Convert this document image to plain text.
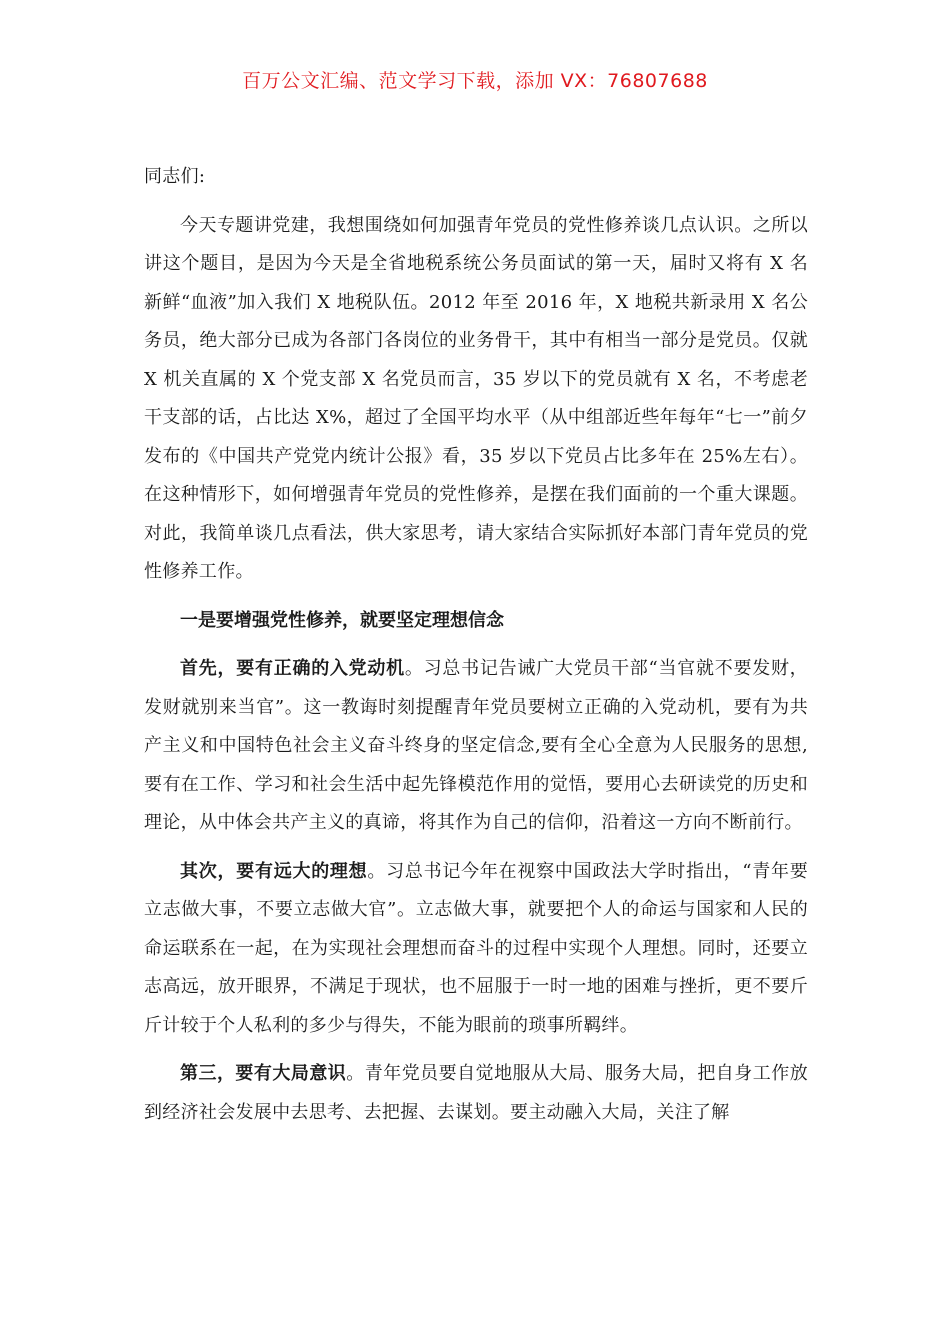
百万公文汇编、范文学习下载，添加 VX：76807688

同志们:

今天专题讲党建，我想围绕如何加强青年党员的党性修养谈几点认识。之所以讲这个题目，是因为今天是全省地税系统公务员面试的第一天，届时又将有 X 名新鲜“血液”加入我们 X 地税队伍。2012 年至 2016 年，X 地税共新录用 X 名公务员，绝大部分已成为各部门各岗位的业务骨干，其中有相当一部分是党员。仅就 X 机关直属的 X 个党支部 X 名党员而言，35 岁以下的党员就有 X 名，不考虑老干支部的话，占比达 X%，超过了全国平均水平（从中组部近些年每年“七一”前夕发布的《中国共产党党内统计公报》看，35 岁以下党员占比多年在 25%左右）。在这种情形下，如何增强青年党员的党性修养，是摆在我们面前的一个重大课题。对此，我简单谈几点看法，供大家思考，请大家结合实际抓好本部门青年党员的党性修养工作。

一是要增强党性修养，就要坚定理想信念

首先，要有正确的入党动机。习总书记告诫广大党员干部“当官就不要发财，发财就别来当官”。这一教诲时刻提醒青年党员要树立正确的入党动机，要有为共产主义和中国特色社会主义奋斗终身的坚定信念,要有全心全意为人民服务的思想,要有在工作、学习和社会生活中起先锋模范作用的觉悟，要用心去研读党的历史和理论，从中体会共产主义的真谛，将其作为自己的信仰，沿着这一方向不断前行。

其次，要有远大的理想。习总书记今年在视察中国政法大学时指出，“青年要立志做大事，不要立志做大官”。立志做大事，就要把个人的命运与国家和人民的命运联系在一起，在为实现社会理想而奋斗的过程中实现个人理想。同时，还要立志高远，放开眼界，不满足于现状，也不屈服于一时一地的困难与挫折，更不要斤斤计较于个人私利的多少与得失，不能为眼前的琐事所羁绊。

第三，要有大局意识。青年党员要自觉地服从大局、服务大局，把自身工作放到经济社会发展中去思考、去把握、去谋划。要主动融入大局，关注了解
